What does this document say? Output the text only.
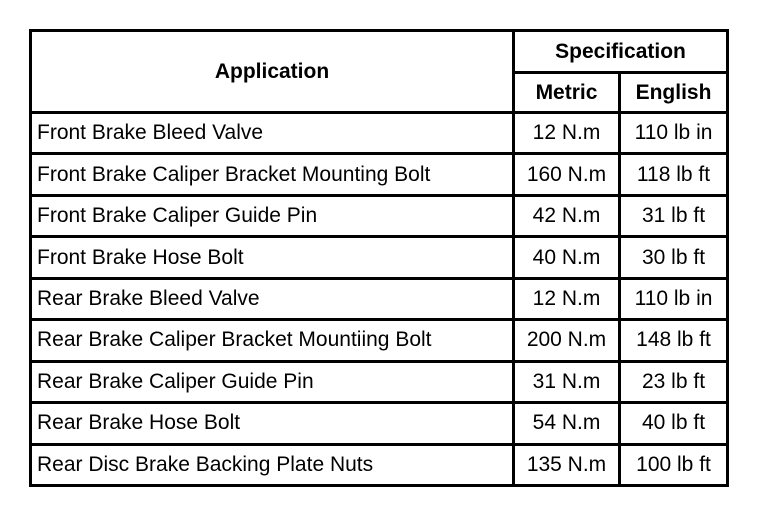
Application	Specification	
	Metric	English
Front Brake Bleed Valve	12 N.m	110 lb in
Front Brake Caliper Bracket Mounting Bolt	160 N.m	118 lb ft
Front Brake Caliper Guide Pin	42 N.m	31 lb ft
Front Brake Hose Bolt	40 N.m	30 lb ft
Rear Brake Bleed Valve	12 N.m	110 lb in
Rear Brake Caliper Bracket Mountiing Bolt	200 N.m	148 lb ft
Rear Brake Caliper Guide Pin	31 N.m	23 lb ft
Rear Brake Hose Bolt	54 N.m	40 lb ft
Rear Disc Brake Backing Plate Nuts	135 N.m	100 lb ft
